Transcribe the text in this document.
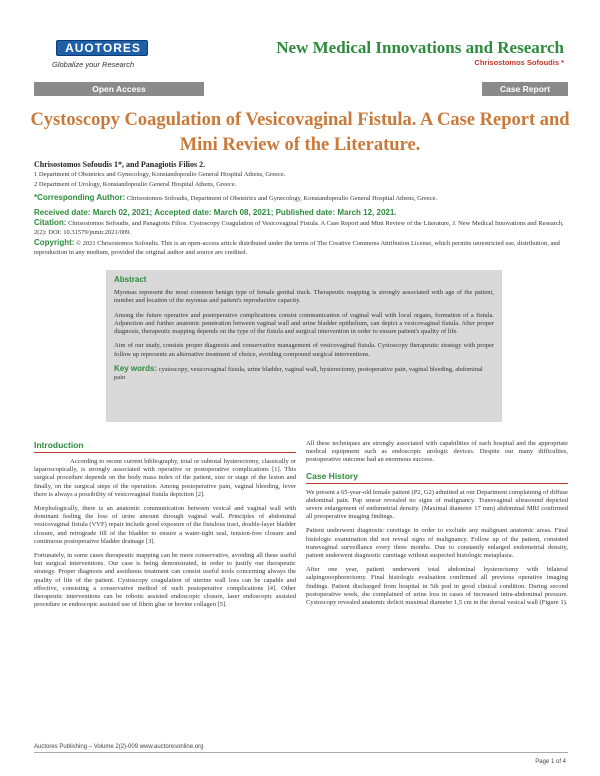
AUOTORES
Globalize your Research
New Medical Innovations and Research
Chrisostomos Sofoudis *
Open Access	Case Report
Cystoscopy Coagulation of Vesicovaginal Fistula. A Case Report and Mini Review of the Literature.
Chrisostomos Sofoudis 1*, and Panagiotis Filios 2.
1 Department of Obstetrics and Gynecology, Konstandopoulio General Hospital Athens, Greece.
2 Department of Urology, Konstandopoulio General Hospital Athens, Greece.
*Corresponding Author: Chrisostomos Sofoudis, Department of Obstetrics and Gynecology, Konstandopoulio General Hospital Athens, Greece.
Received date: March 02, 2021; Accepted date: March 08, 2021; Published date: March 12, 2021.
Citation: Chrisostomos Sofoudis, and Panagiotis Filios. Cystoscopy Coagulation of Vesicovaginal Fistula. A Case Report and Mini Review of the Literature, J. New Medical Innovations and Research, 2(2): DOI: 10.31579/jnmir.2021/009.
Copyright: © 2021 Chrisostomos Sofoudis. This is an open-access article distributed under the terms of The Creative Commons Attribution License, which permits unrestricted use, distribution, and reproduction in any medium, provided the original author and source are credited.
Abstract
Myomas represent the most common benign type of female genital track. Therapeutic mapping is strongly associated with age of the patient, number and location of the myomas and patient's reproductive capacity.
Among the future operative and postoperative complications consist communication of vaginal wall with local organs, formation of a fistula. Adjunction and further anatomic penetration between vaginal wall and urine bladder epithelium, can depict a vesicovaginal fistula. After proper diagnosis, therapeutic mapping depends on the type of the fistula and surgical intervention in order to ensure patient's quality of life.
Aim of our study, consists proper diagnosis and conservative management of vesicovaginal fistula. Cystoscopy therapeutic strategy with proper follow up represents an alternative treatment of choice, avoiding compound surgical interventions.
Key words: cystoscopy, vesicovaginal fistula, urine bladder, vaginal wall, hysterectomy, postoperative pain, vaginal bleeding, abdominal pain
Introduction
According to recent current bibliography, total or subtotal hysterectomy, classically or laparoscopically, is strongly associated with operative or postoperative complications [1]. This surgical procedure depends on the body mass index of the patient, size or stage of the lesion and finally, on the surgical steps of the operation. Among postoperative pain, vaginal bleeding, fever there is always a possibility of vesicovaginal fistula depiction [2].
Morphologically, there is an anatomic communication between vesical and vaginal wall with dominant feeling the loss of urine amount through vaginal wall. Principles of abdominal vesicovaginal fistula (VVF) repair include good exposure of the fistulous tract, double-layer bladder closure, and retrograde fill of the bladder to ensure a water-tight seal, tension-free closure and continuous postoperative bladder drainage [3].
Fortunately, in some cases therapeutic mapping can be more conservative, avoiding all these useful but surgical interventions. Our case is being demonstrated, in order to justify our therapeutic strategy. Proper diagnosis and assiduous treatment can consist useful tools concerning always the quality of life of the patient. Cystoscopy coagulation of uterine wall loss can be capable and effective, consisting a conservative method of such postoperative complications [4]. Other therapeutic interventions can be robotic assisted endoscopic closure, laser endoscopic assisted procedure or endoscopic assisted use of fibrin glue or bovine collagen [5].
All these techniques are strongly associated with capabilities of each hospital and the appropriate medical equipment such as endoscopic urologic devices. Despite our many difficulties, postoperative outcome had an enormous success.
Case History
We present a 65-year-old female patient (P2, G2) admitted at our Department complaining of diffuse abdominal pain. Pap smear revealed no signs of malignancy. Transvaginal ultrasound depicted severe enlargement of endometrial density. (Maximal diameter 17 mm) abdominal MRI confirmed all preoperative imaging findings.
Patient underwent diagnostic curettage in order to exclude any malignant anatomic areas. Final histologic examination did not reveal signs of malignancy. Follow up of the patient, consisted transvaginal surveillance every three months. Due to constantly enlarged endometrial density, patient underwent diagnostic curettage without suspected histologic metaplasia.
After one year, patient underwent total abdominal hysterectomy with bilateral salpingooophorectomy. Final histologic evaluation confirmed all previous operative imaging findings. Patient discharged from hospital in 5th pod in good clinical condition. During second postoperative week, she complained of urine loss in cases of increased intra-abdominal pressure. Cystoscopy revealed anatomic deficit maximal diameter 1,5 cm in the dorsal vesical wall (Figure 1).
Auctores Publishing – Volume 2(2)-009 www.auctoresonline.org
Page 1 of 4
